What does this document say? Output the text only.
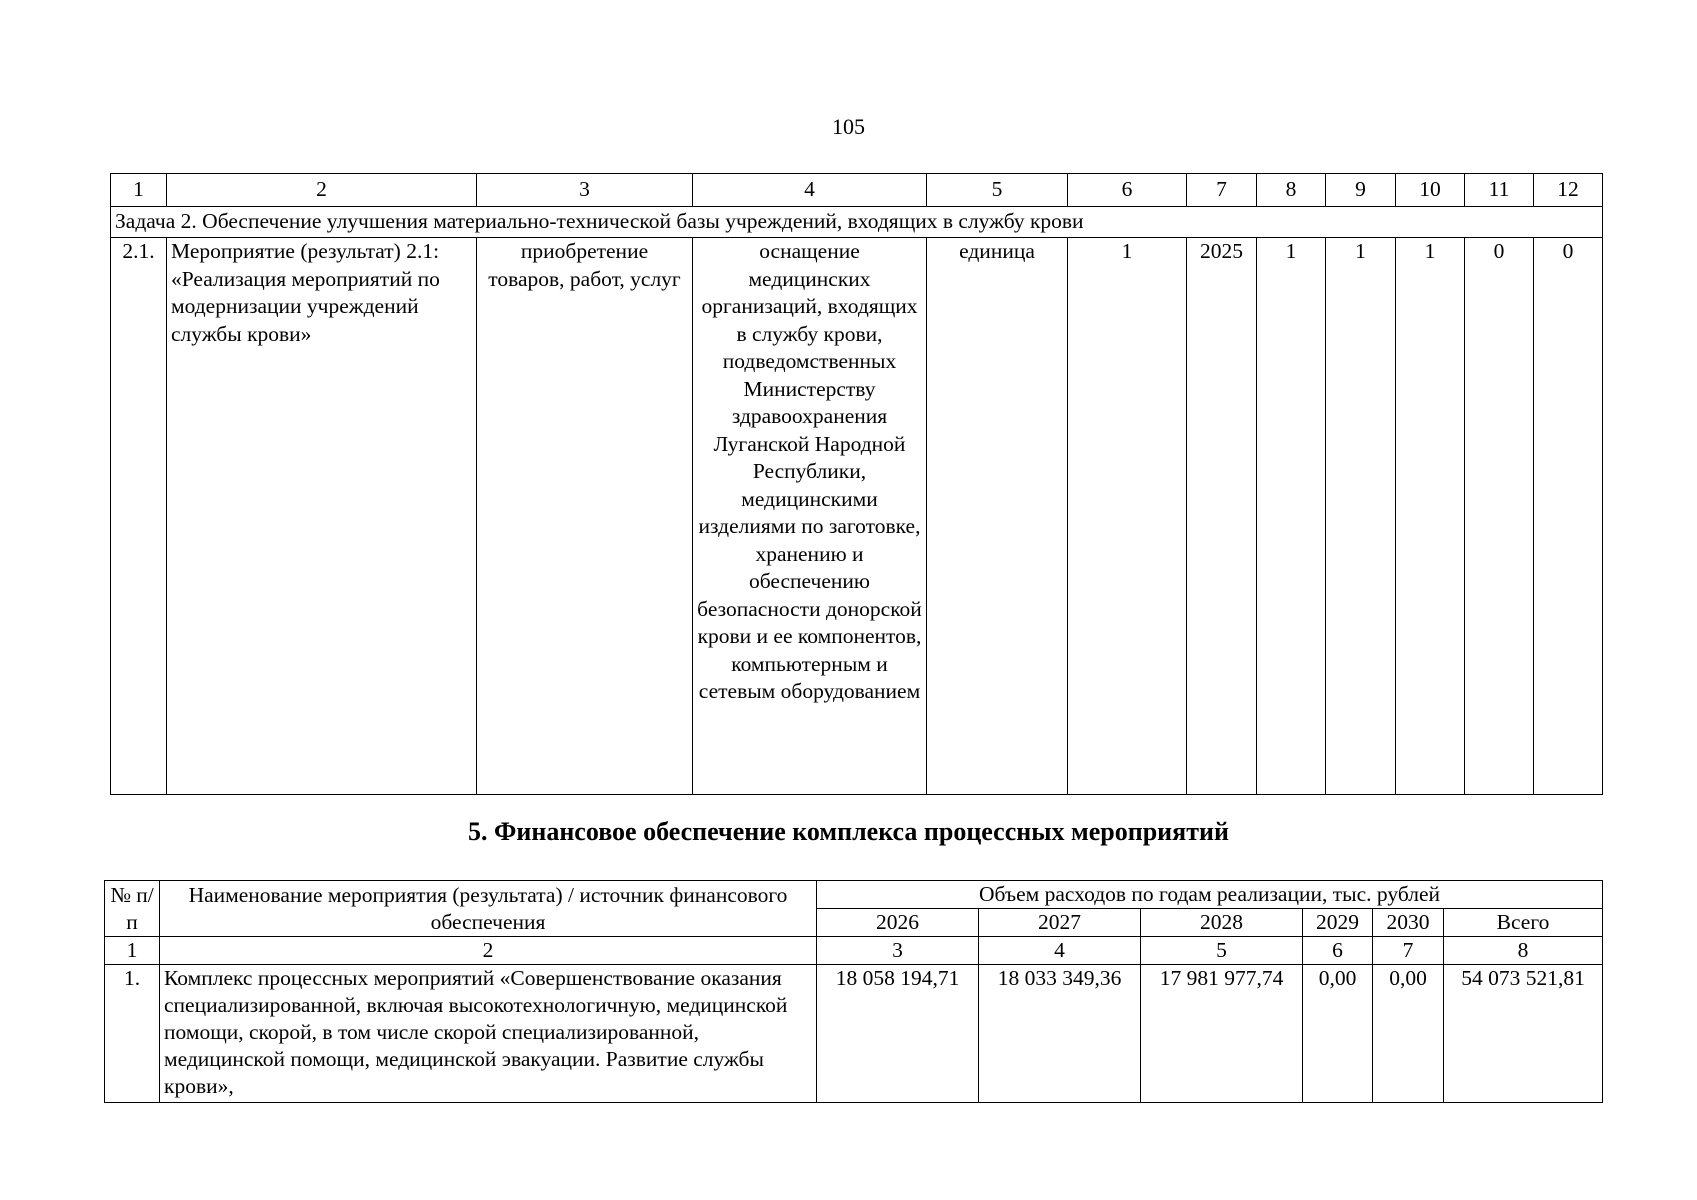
105
1	2	3	4	5	6	7	8	9	10	11	12
Задача 2. Обеспечение улучшения материально-технической базы учреждений, входящих в службу крови											
2.1.	Мероприятие (результат) 2.1: «Реализация мероприятий по модернизации учреждений службы крови»	приобретение товаров, работ, услуг	оснащение медицинских организаций, входящих в службу крови, подведомственных Министерству здравоохранения Луганской Народной Республики, медицинскими изделиями по заготовке, хранению и обеспечению безопасности донорской крови и ее компонентов, компьютерным и сетевым оборудованием	единица	1	2025	1	1	1	0	0
5. Финансовое обеспечение комплекса процессных мероприятий
№ п/п	Наименование мероприятия (результата) / источник финансового обеспечения	Объем расходов по годам реализации, тыс. рублей					
		2026	2027	2028	2029	2030	Всего
1	2	3	4	5	6	7	8
1.	Комплекс процессных мероприятий «Совершенствование оказания специализированной, включая высокотехнологичную, медицинской помощи, скорой, в том числе скорой специализированной, медицинской помощи, медицинской эвакуации. Развитие службы крови»,	18 058 194,71	18 033 349,36	17 981 977,74	0,00	0,00	54 073 521,81
